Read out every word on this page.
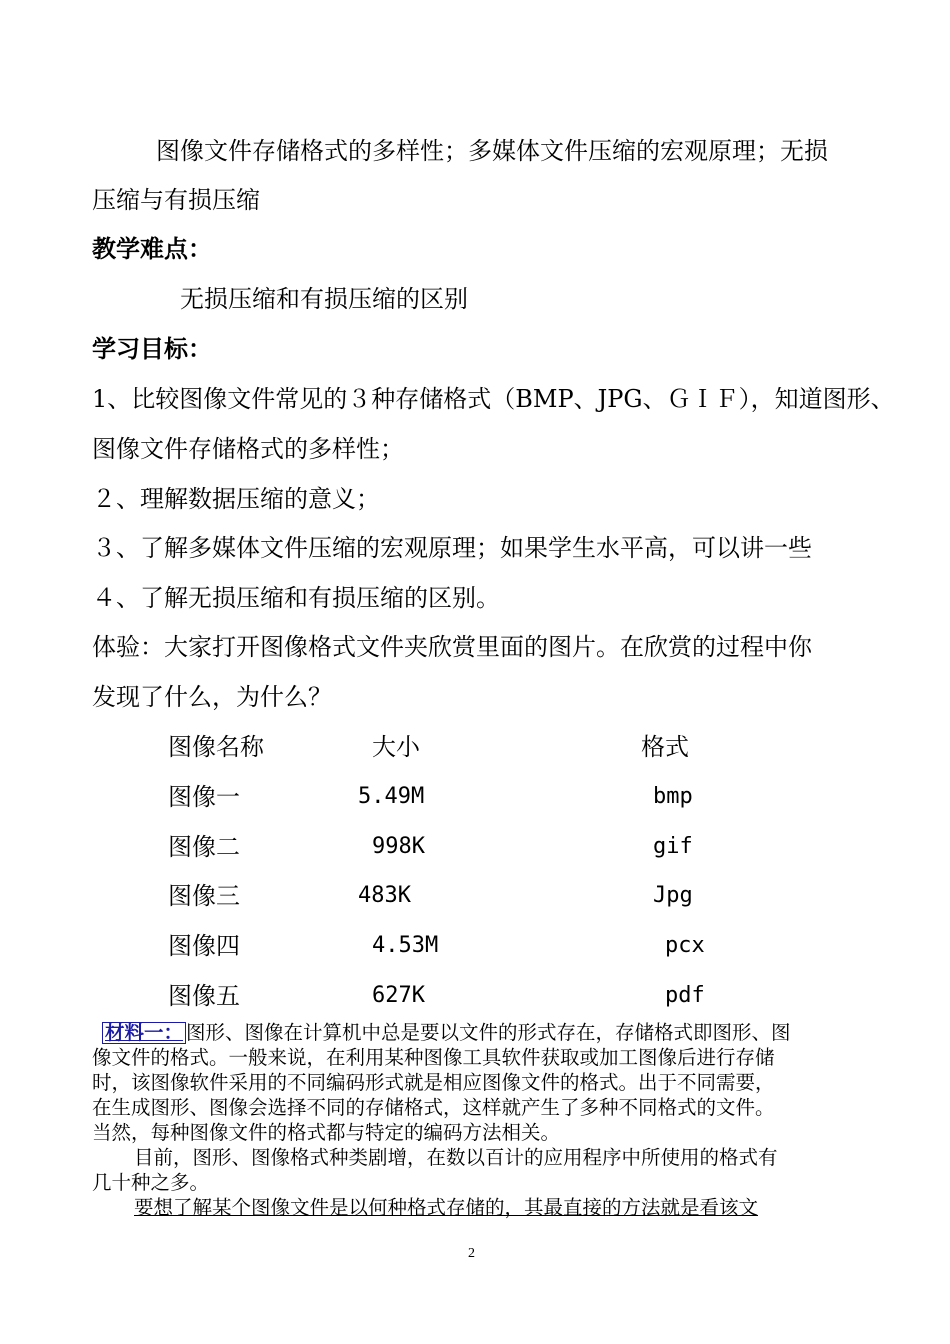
图像文件存储格式的多样性；多媒体文件压缩的宏观原理；无损
压缩与有损压缩
教学难点：
无损压缩和有损压缩的区别
学习目标：
1、比较图像文件常见的３种存储格式（BMP、JPG、ＧＩＦ），知道图形、
图像文件存储格式的多样性；
２、理解数据压缩的意义；
３、了解多媒体文件压缩的宏观原理；如果学生水平高，可以讲一些
４、了解无损压缩和有损压缩的区别。
体验：大家打开图像格式文件夹欣赏里面的图片。在欣赏的过程中你
发现了什么，为什么？
图像名称	大小	格式
图像一	5.49M	bmp
图像二	998K	gif
图像三	483K	Jpg
图像四	4.53M	pcx
图像五	627K	pdf
材料一： 图形、图像在计算机中总是要以文件的形式存在，存储格式即图形、图
像文件的格式。一般来说，在利用某种图像工具软件获取或加工图像后进行存储
时，该图像软件采用的不同编码形式就是相应图像文件的格式。出于不同需要，
在生成图形、图像会选择不同的存储格式，这样就产生了多种不同格式的文件。
当然，每种图像文件的格式都与特定的编码方法相关。
目前，图形、图像格式种类剧增，在数以百计的应用程序中所使用的格式有
几十种之多。
要想了解某个图像文件是以何种格式存储的，其最直接的方法就是看该文
2
